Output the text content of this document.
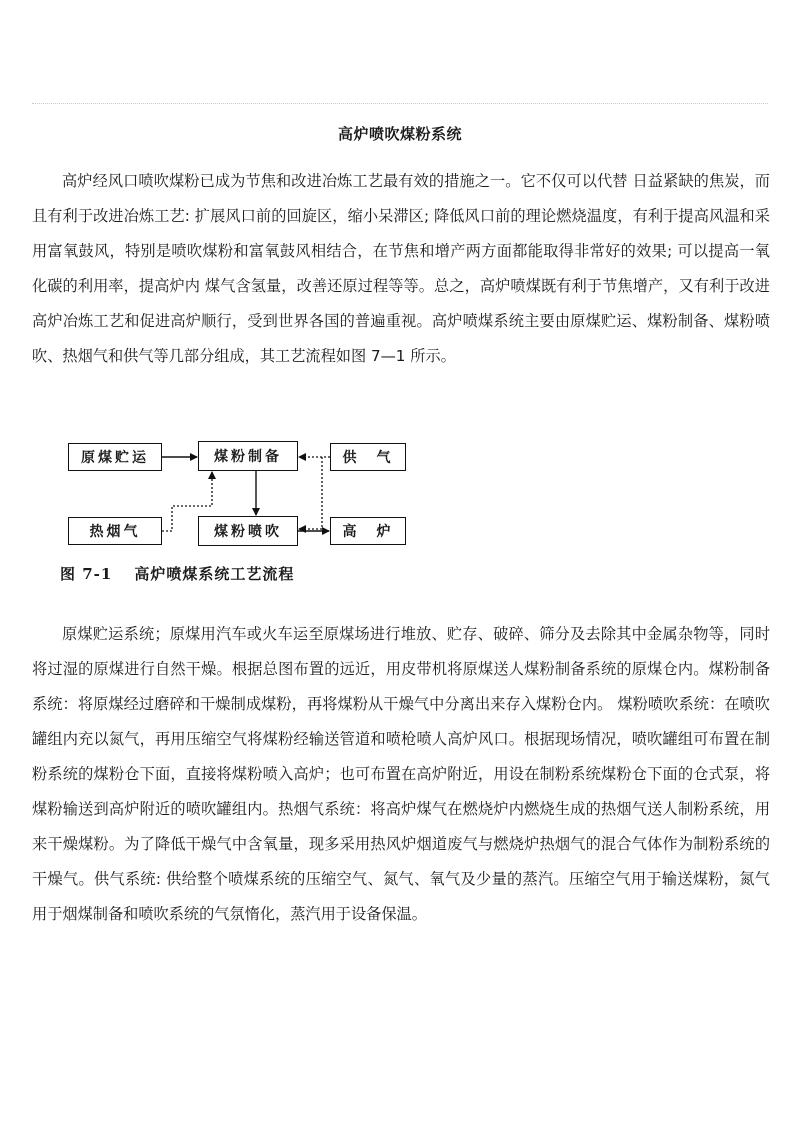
高炉喷吹煤粉系统

高炉经风口喷吹煤粉已成为节焦和改进冶炼工艺最有效的措施之一。它不仅可以代替 日益紧缺的焦炭，而且有利于改进冶炼工艺: 扩展风口前的回旋区，缩小呆滞区; 降低风口前的理论燃烧温度，有利于提高风温和采用富氧鼓风，特别是喷吹煤粉和富氧鼓风相结合，在节焦和增产两方面都能取得非常好的效果; 可以提高一氧化碳的利用率，提高炉内 煤气含氢量，改善还原过程等等。总之，高炉喷煤既有利于节焦增产，又有利于改进高炉冶炼工艺和促进高炉顺行，受到世界各国的普遍重视。高炉喷煤系统主要由原煤贮运、煤粉制备、煤粉喷吹、热烟气和供气等几部分组成，其工艺流程如图 7—1 所示。

原煤贮运	煤粉制备	供　气
热烟气	煤粉喷吹	高　炉
图 7-1 高炉喷煤系统工艺流程

原煤贮运系统；原煤用汽车或火车运至原煤场进行堆放、贮存、破碎、筛分及去除其中金属杂物等，同时将过湿的原煤进行自然干燥。根据总图布置的远近，用皮带机将原煤送人煤粉制备系统的原煤仓内。煤粉制备系统：将原煤经过磨碎和干燥制成煤粉，再将煤粉从干燥气中分离出来存入煤粉仓内。 煤粉喷吹系统：在喷吹罐组内充以氮气，再用压缩空气将煤粉经输送管道和喷枪喷人高炉风口。根据现场情况，喷吹罐组可布置在制粉系统的煤粉仓下面，直接将煤粉喷入高炉；也可布置在高炉附近，用设在制粉系统煤粉仓下面的仓式泵，将煤粉输送到高炉附近的喷吹罐组内。热烟气系统：将高炉煤气在燃烧炉内燃烧生成的热烟气送人制粉系统，用来干燥煤粉。为了降低干燥气中含氧量，现多采用热风炉烟道废气与燃烧炉热烟气的混合气体作为制粉系统的干燥气。供气系统: 供给整个喷煤系统的压缩空气、氮气、氧气及少量的蒸汽。压缩空气用于输送煤粉，氮气用于烟煤制备和喷吹系统的气氛惰化，蒸汽用于设备保温。
